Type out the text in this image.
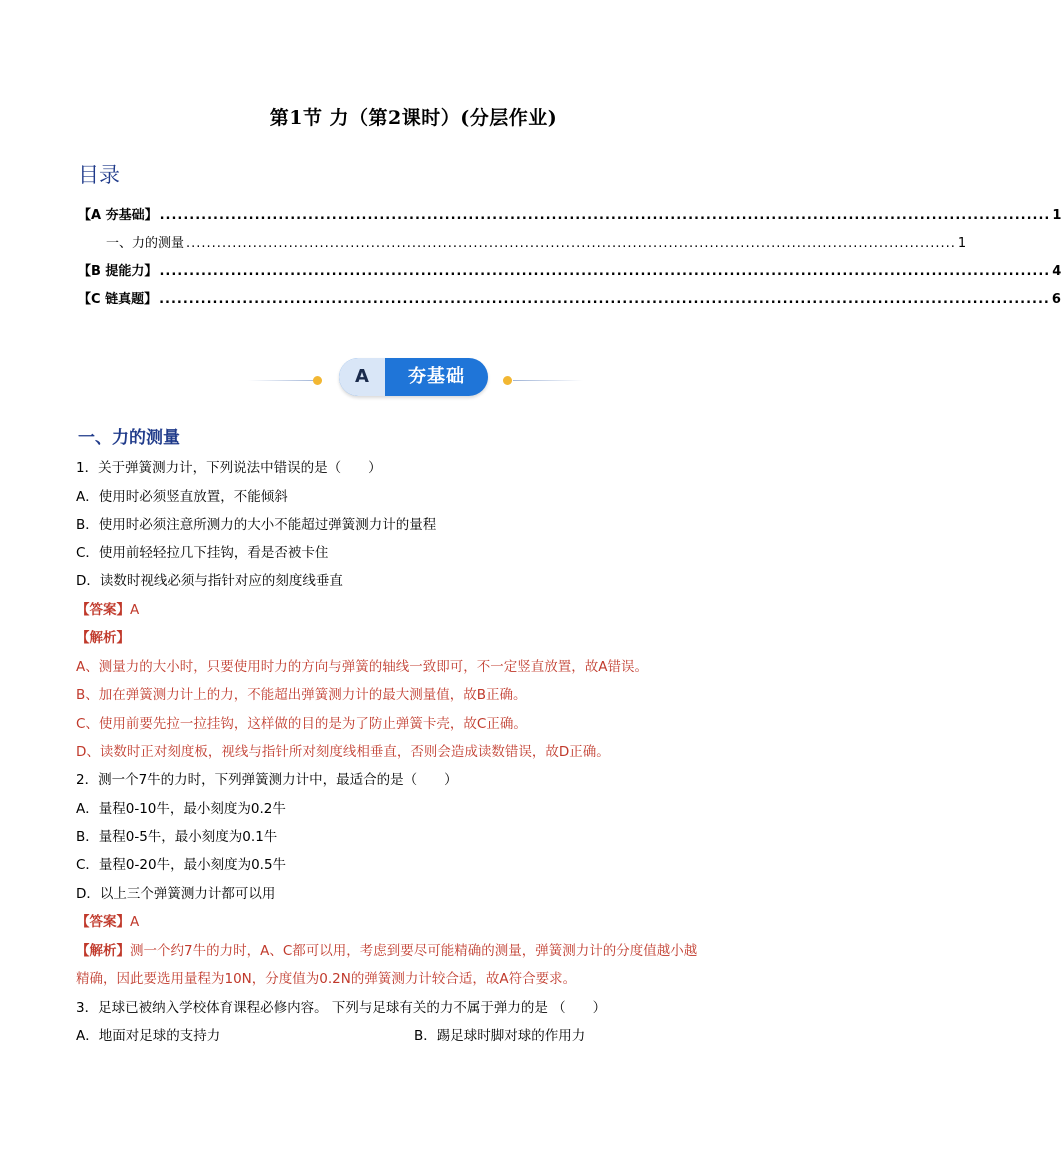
第1节 力（第2课时）(分层作业)
目录
【A 夯基础】 ...................................................................................................................................................... 1
一、力的测量 ...................................................................................................................................................... 1
【B 提能力】 ...................................................................................................................................................... 4
【C 链真题】 ...................................................................................................................................................... 6
A	夯基础
一、力的测量
1．关于弹簧测力计，下列说法中错误的是（　　）
A．使用时必须竖直放置，不能倾斜
B．使用时必须注意所测力的大小不能超过弹簧测力计的量程
C．使用前轻轻拉几下挂钩，看是否被卡住
D．读数时视线必须与指针对应的刻度线垂直
【答案】A
【解析】
A、测量力的大小时，只要使用时力的方向与弹簧的轴线一致即可，不一定竖直放置，故A错误。
B、加在弹簧测力计上的力，不能超出弹簧测力计的最大测量值，故B正确。
C、使用前要先拉一拉挂钩，这样做的目的是为了防止弹簧卡壳，故C正确。
D、读数时正对刻度板，视线与指针所对刻度线相垂直，否则会造成读数错误，故D正确。
2．测一个7牛的力时，下列弹簧测力计中，最适合的是（　　）
A．量程0-10牛，最小刻度为0.2牛
B．量程0-5牛，最小刻度为0.1牛
C．量程0-20牛，最小刻度为0.5牛
D．以上三个弹簧测力计都可以用
【答案】A
【解析】测一个约7牛的力时，A、C都可以用，考虑到要尽可能精确的测量，弹簧测力计的分度值越小越
精确，因此要选用量程为10N，分度值为0.2N的弹簧测力计较合适，故A符合要求。
3．足球已被纳入学校体育课程必修内容。 下列与足球有关的力不属于弹力的是 （　　）
A．地面对足球的支持力	B．踢足球时脚对球的作用力
